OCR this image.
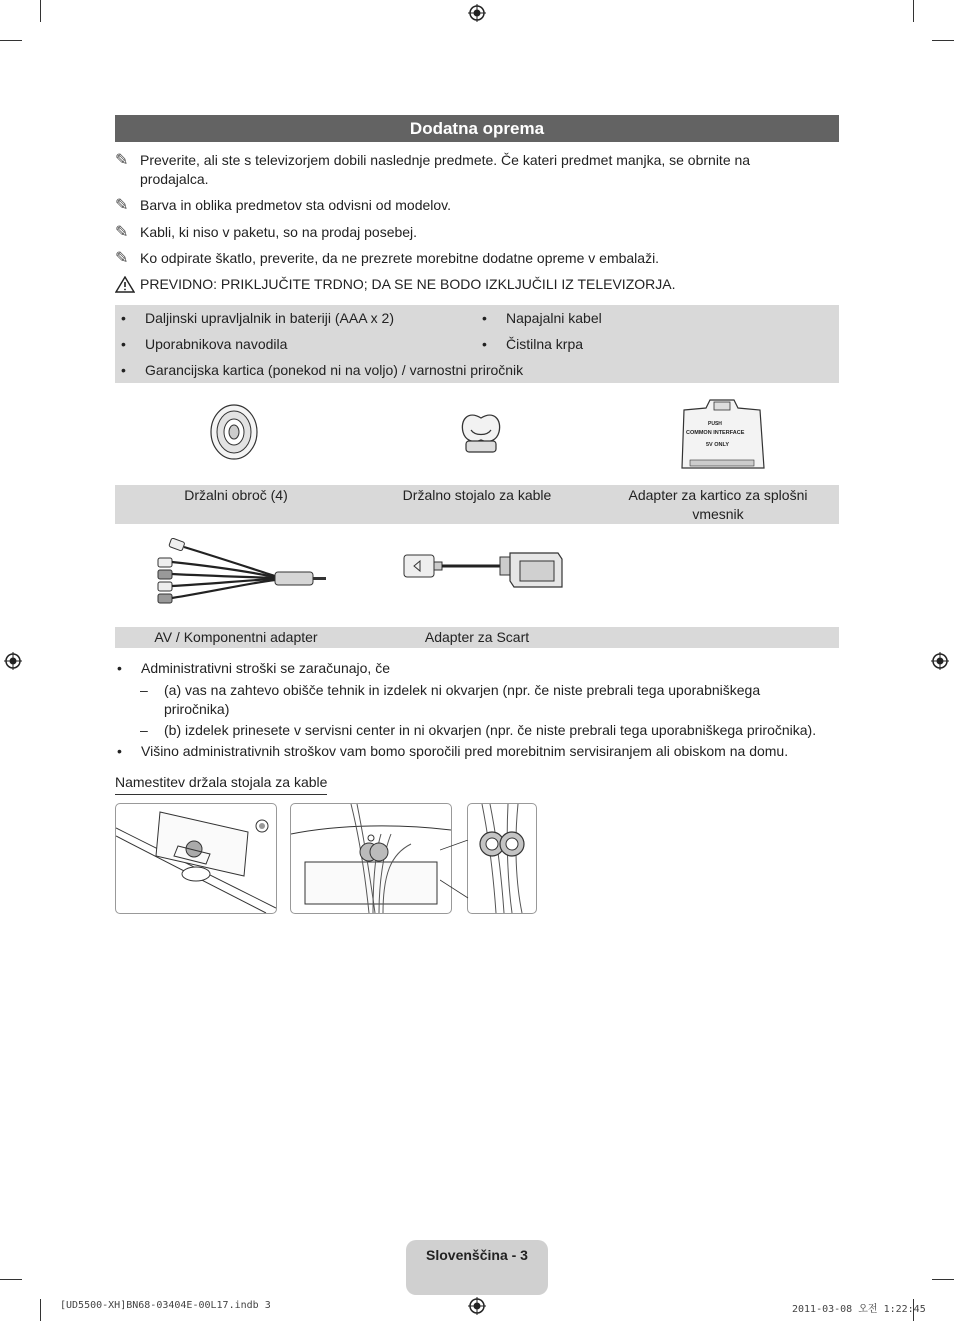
Dodatna oprema
✎ Preverite, ali ste s televizorjem dobili naslednje predmete. Če kateri predmet manjka, se obrnite na prodajalca.
✎ Barva in oblika predmetov sta odvisni od modelov.
✎ Kabli, ki niso v paketu, so na prodaj posebej.
✎ Ko odpirate škatlo, preverite, da ne prezrete morebitne dodatne opreme v embalaži.
PREVIDNO: PRIKLJUČITE TRDNO; DA SE NE BODO IZKLJUČILI IZ TELEVIZORJA.
• Daljinski upravljalnik in bateriji (AAA x 2)	• Napajalni kabel
• Uporabnikova navodila	• Čistilna krpa
• Garancijska kartica (ponekod ni na voljo) / varnostni priročnik
PUSH
COMMON INTERFACE
5V ONLY
Držalni obroč (4)	Držalno stojalo za kable	Adapter za kartico za splošni vmesnik
AV / Komponentni adapter	Adapter za Scart
• Administrativni stroški se zaračunajo, če
– (a) vas na zahtevo obišče tehnik in izdelek ni okvarjen (npr. če niste prebrali tega uporabniškega priročnika)
– (b) izdelek prinesete v servisni center in ni okvarjen (npr. če niste prebrali tega uporabniškega priročnika).
• Višino administrativnih stroškov vam bomo sporočili pred morebitnim servisiranjem ali obiskom na domu.
Namestitev držala stojala za kable
Slovenščina - 3
[UD5500-XH]BN68-03404E-00L17.indb 3	2011-03-08 오전 1:22:45
